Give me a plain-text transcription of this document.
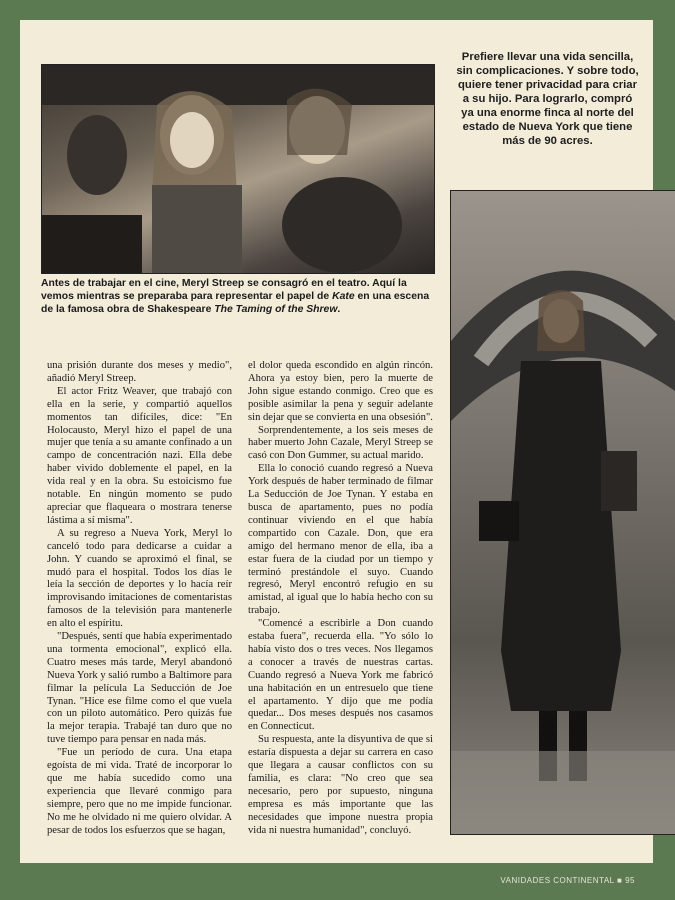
Prefiere llevar una vida sencilla, sin complicaciones. Y sobre todo, quiere tener privacidad para criar a su hijo. Para lograrlo, compró ya una enorme finca al norte del estado de Nueva York que tiene más de 90 acres.

Antes de trabajar en el cine, Meryl Streep se consagró en el teatro. Aquí la vemos mientras se preparaba para representar el papel de Kate en una escena de la famosa obra de Shakespeare The Taming of the Shrew.

una prisión durante dos meses y medio", añadió Meryl Streep.

El actor Fritz Weaver, que trabajó con ella en la serie, y compartió aquellos momentos tan difíciles, dice: "En Holocausto, Meryl hizo el papel de una mujer que tenía a su amante confinado a un campo de concentración nazi. Ella debe haber vivido doblemente el papel, en la vida real y en la obra. Su estoicismo fue notable. En ningún momento se pudo apreciar que flaqueara o mostrara tenerse lástima a sí misma".

A su regreso a Nueva York, Meryl lo canceló todo para dedicarse a cuidar a John. Y cuando se aproximó el final, se mudó para el hospital. Todos los días le leía la sección de deportes y lo hacía reír improvisando imitaciones de comentaristas famosos de la televisión para mantenerle en alto el espíritu.

"Después, sentí que había experimentado una tormenta emocional", explicó ella. Cuatro meses más tarde, Meryl abandonó Nueva York y salió rumbo a Baltimore para filmar la película La Seducción de Joe Tynan. "Hice ese filme como el que vuela con un piloto automático. Pero quizás fue la mejor terapia. Trabajé tan duro que no tuve tiempo para pensar en nada más.

"Fue un período de cura. Una etapa egoísta de mi vida. Traté de incorporar lo que me había sucedido como una experiencia que llevaré conmigo para siempre, pero que no me impide funcionar. No me he olvidado ni me quiero olvidar. A pesar de todos los esfuerzos que se hagan,

el dolor queda escondido en algún rincón. Ahora ya estoy bien, pero la muerte de John sigue estando conmigo. Creo que es posible asimilar la pena y seguir adelante sin dejar que se convierta en una obsesión".

Sorprendentemente, a los seis meses de haber muerto John Cazale, Meryl Streep se casó con Don Gummer, su actual marido.

Ella lo conoció cuando regresó a Nueva York después de haber terminado de filmar La Seducción de Joe Tynan. Y estaba en busca de apartamento, pues no podía continuar viviendo en el que había compartido con Cazale. Don, que era amigo del hermano menor de ella, iba a estar fuera de la ciudad por un tiempo y terminó prestándole el suyo. Cuando regresó, Meryl encontró refugio en su amistad, al igual que lo había hecho con su trabajo.

"Comencé a escribirle a Don cuando estaba fuera", recuerda ella. "Yo sólo lo había visto dos o tres veces. Nos llegamos a conocer a través de nuestras cartas. Cuando regresó a Nueva York me fabricó una habitación en un entresuelo que tiene el apartamento. Y dijo que me podía quedar... Dos meses después nos casamos en Connecticut.

Su respuesta, ante la disyuntiva de que si estaría dispuesta a dejar su carrera en caso que llegara a causar conflictos con su familia, es clara: "No creo que sea necesario, pero por supuesto, ninguna empresa es más importante que las necesidades que impone nuestra propia vida ni nuestra humanidad", concluyó.

VANIDADES CONTINENTAL ■ 95
